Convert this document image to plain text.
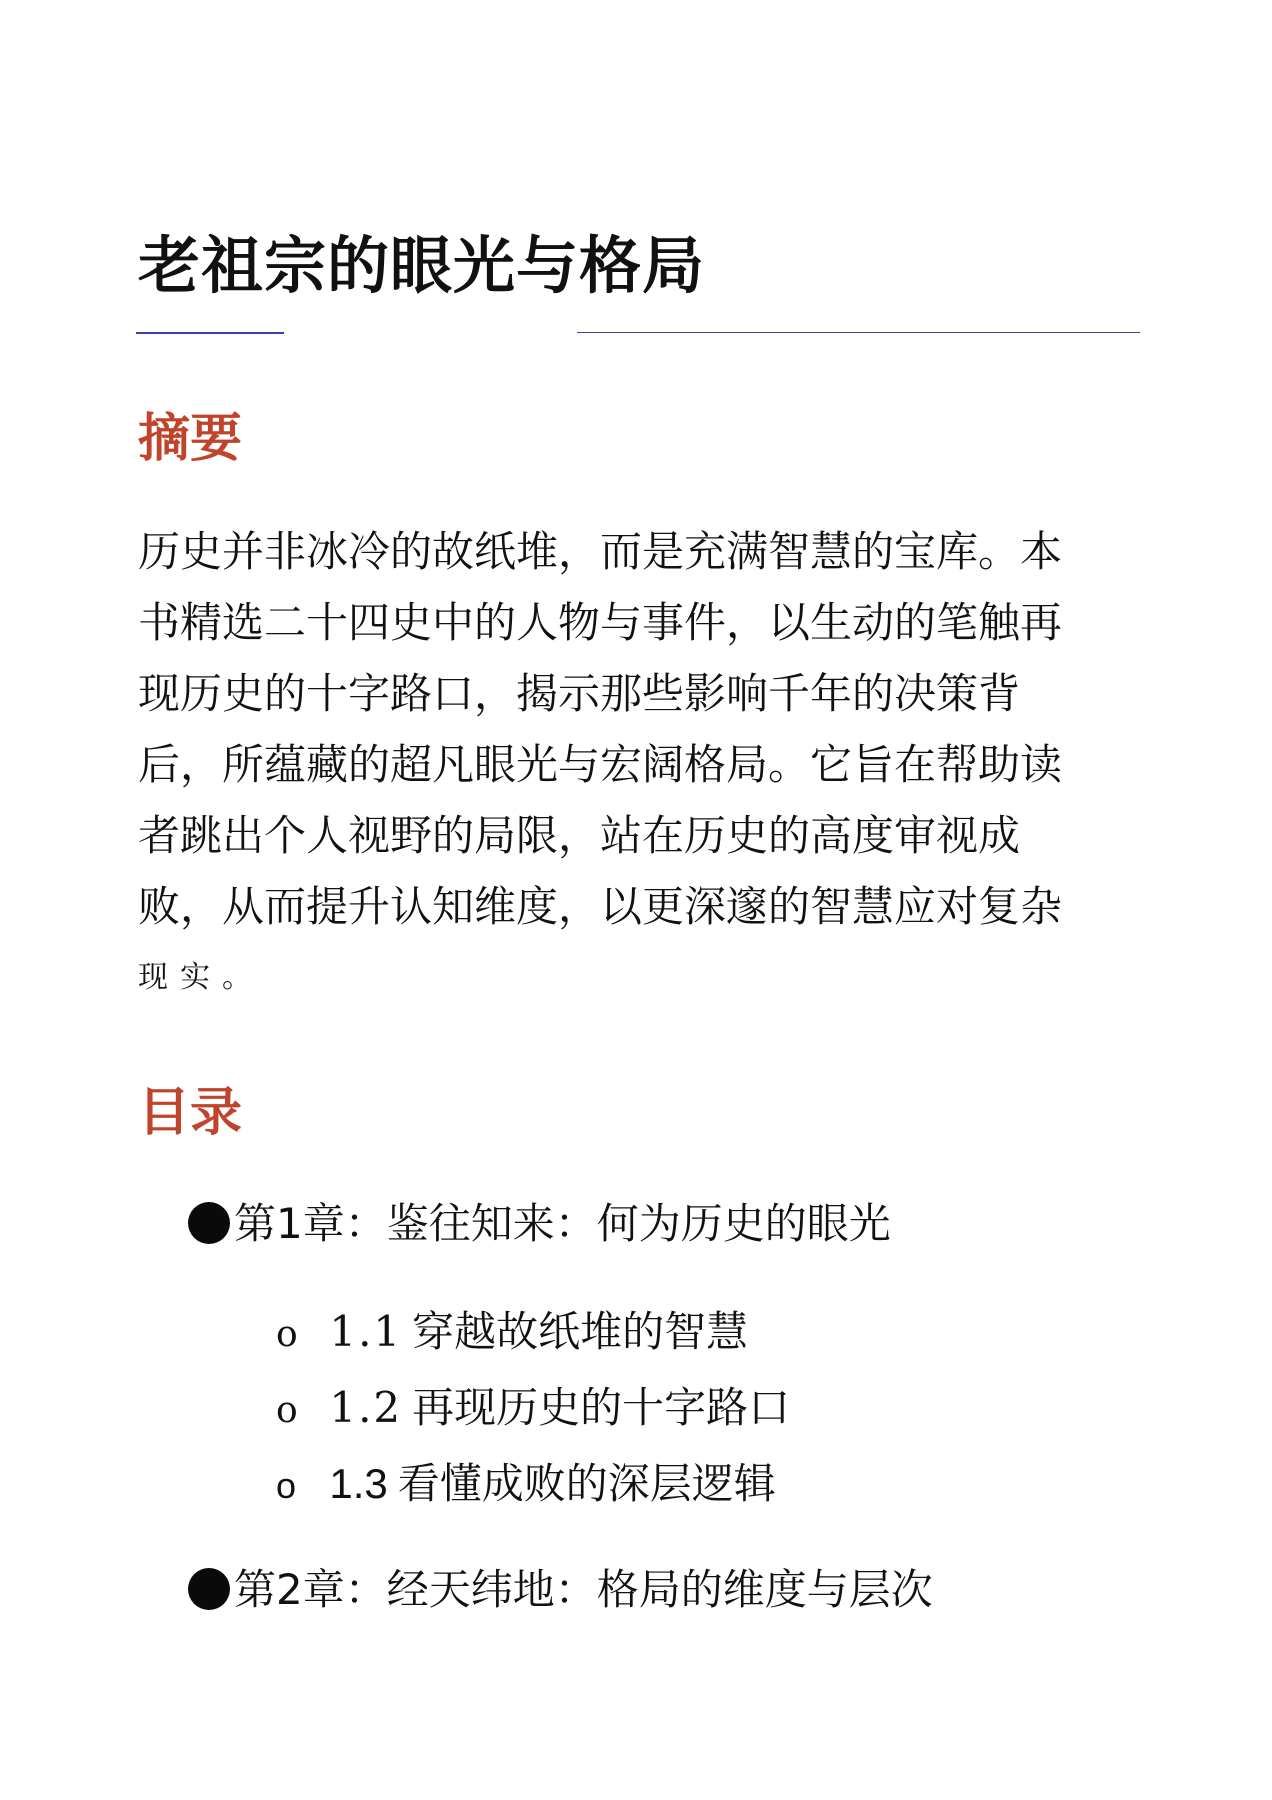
老祖宗的眼光与格局
摘要

历史并非冰冷的故纸堆，而是充满智慧的宝库。本
书精选二十四史中的人物与事件，以生动的笔触再
现历史的十字路口，揭示那些影响千年的决策背
后，所蕴藏的超凡眼光与宏阔格局。它旨在帮助读
者跳出个人视野的局限，站在历史的高度审视成
败，从而提升认知维度，以更深邃的智慧应对复杂
现实。

目录
第1章：鉴往知来：何为历史的眼光
o 1.1 穿越故纸堆的智慧
o 1.2 再现历史的十字路口
o 1.3 看懂成败的深层逻辑
第2章：经天纬地：格局的维度与层次
